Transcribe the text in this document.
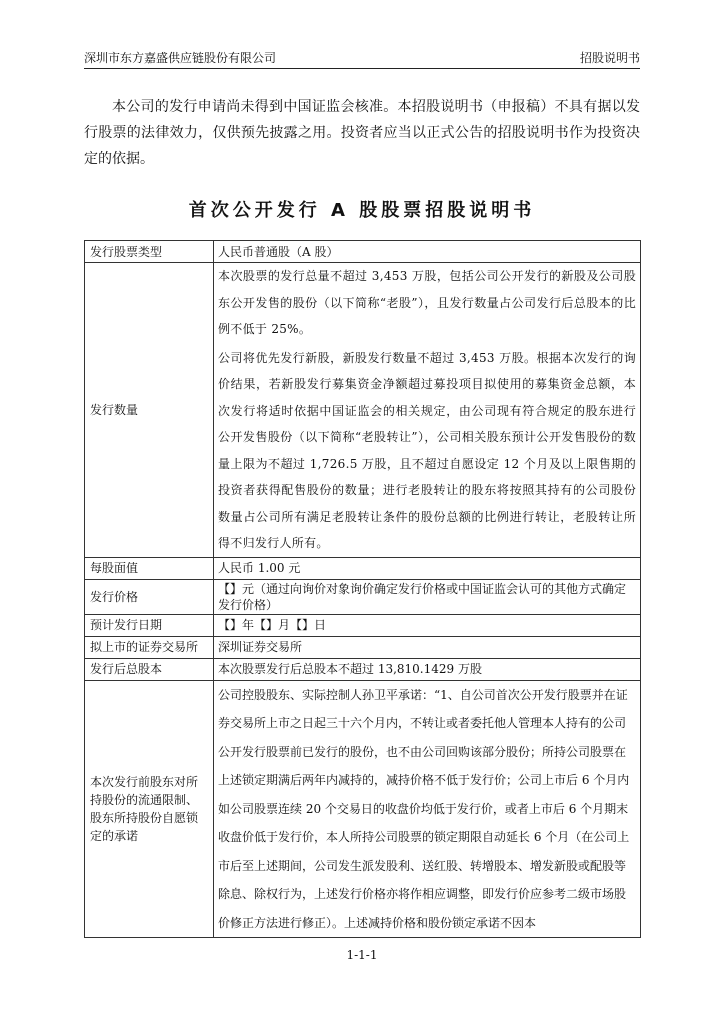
深圳市东方嘉盛供应链股份有限公司	招股说明书
本公司的发行申请尚未得到中国证监会核准。本招股说明书（申报稿）不具有据以发行股票的法律效力，仅供预先披露之用。投资者应当以正式公告的招股说明书作为投资决定的依据。
首次公开发行 A 股股票招股说明书
发行股票类型	人民币普通股（A 股）
发行数量	本次股票的发行总量不超过 3,453 万股，包括公司公开发行的新股及公司股东公开发售的股份（以下简称“老股”），且发行数量占公司发行后总股本的比例不低于 25%。

公司将优先发行新股，新股发行数量不超过 3,453 万股。根据本次发行的询价结果，若新股发行募集资金净额超过募投项目拟使用的募集资金总额，本次发行将适时依据中国证监会的相关规定，由公司现有符合规定的股东进行公开发售股份（以下简称“老股转让”），公司相关股东预计公开发售股份的数量上限为不超过 1,726.5 万股，且不超过自愿设定 12 个月及以上限售期的投资者获得配售股份的数量；进行老股转让的股东将按照其持有的公司股份数量占公司所有满足老股转让条件的股份总额的比例进行转让，老股转让所得不归发行人所有。

每股面值	人民币 1.00 元
发行价格	【】元（通过向询价对象询价确定发行价格或中国证监会认可的其他方式确定发行价格）
预计发行日期	【】年【】月【】日
拟上市的证券交易所	深圳证券交易所
发行后总股本	本次股票发行后总股本不超过 13,810.1429 万股
本次发行前股东对所持股份的流通限制、股东所持股份自愿锁定的承诺	公司控股股东、实际控制人孙卫平承诺：“1、自公司首次公开发行股票并在证券交易所上市之日起三十六个月内，不转让或者委托他人管理本人持有的公司公开发行股票前已发行的股份，也不由公司回购该部分股份；所持公司股票在上述锁定期满后两年内减持的，减持价格不低于发行价；公司上市后 6 个月内如公司股票连续 20 个交易日的收盘价均低于发行价，或者上市后 6 个月期末收盘价低于发行价，本人所持公司股票的锁定期限自动延长 6 个月（在公司上市后至上述期间，公司发生派发股利、送红股、转增股本、增发新股或配股等除息、除权行为，上述发行价格亦将作相应调整，即发行价应参考二级市场股价修正方法进行修正）。上述减持价格和股份锁定承诺不因本
1-1-1
